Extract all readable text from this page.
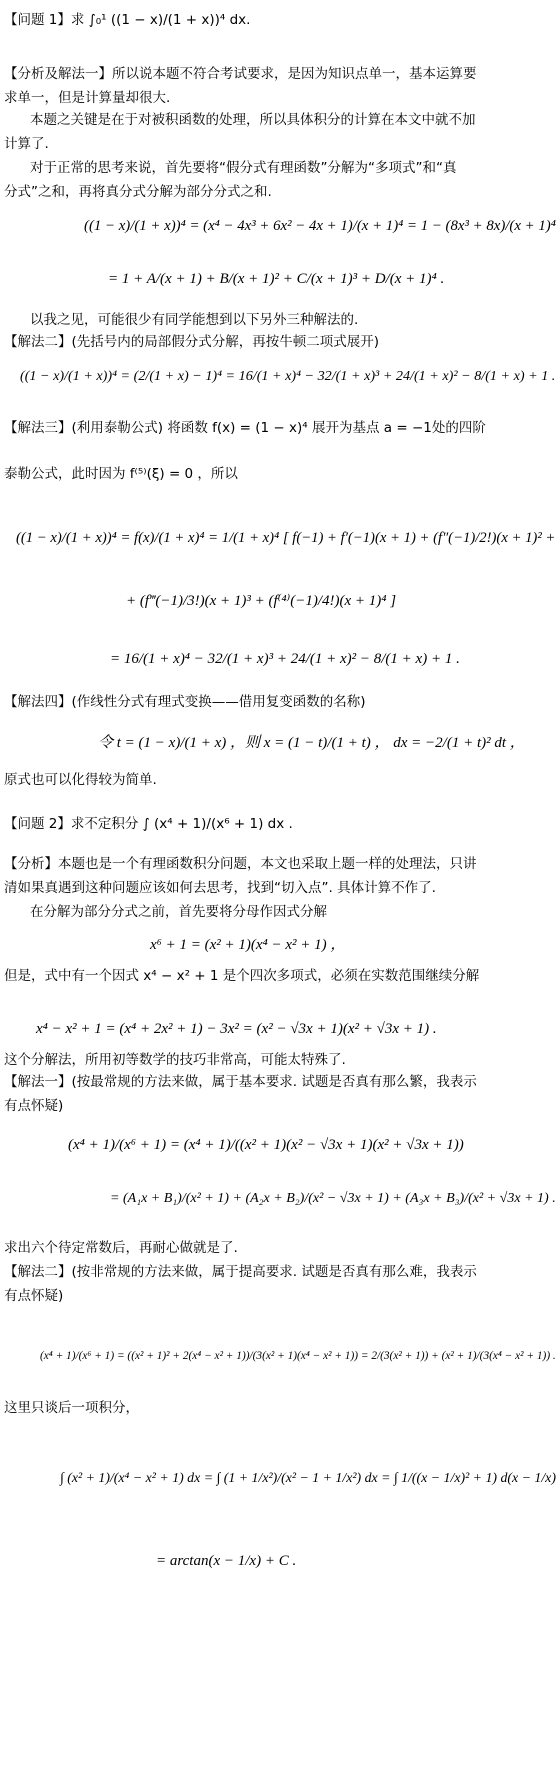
【问题 1】求 ∫₀¹ ((1 − x)/(1 + x))⁴ dx.
【分析及解法一】所以说本题不符合考试要求，是因为知识点单一，基本运算要
求单一，但是计算量却很大.
本题之关键是在于对被积函数的处理，所以具体积分的计算在本文中就不加
计算了.
对于正常的思考来说，首先要将“假分式有理函数”分解为“多项式”和“真
分式”之和，再将真分式分解为部分分式之和.
((1 − x)/(1 + x))⁴ = (x⁴ − 4x³ + 6x² − 4x + 1)/(x + 1)⁴ = 1 − (8x³ + 8x)/(x + 1)⁴
= 1 + A/(x + 1) + B/(x + 1)² + C/(x + 1)³ + D/(x + 1)⁴ .
以我之见，可能很少有同学能想到以下另外三种解法的.
【解法二】(先括号内的局部假分式分解，再按牛顿二项式展开)
((1 − x)/(1 + x))⁴ = (2/(1 + x) − 1)⁴ = 16/(1 + x)⁴ − 32/(1 + x)³ + 24/(1 + x)² − 8/(1 + x) + 1 .
【解法三】(利用泰勒公式) 将函数 f(x) = (1 − x)⁴ 展开为基点 a = −1处的四阶
泰勒公式，此时因为 f⁽⁵⁾(ξ) = 0 ，所以
((1 − x)/(1 + x))⁴ = f(x)/(1 + x)⁴ = 1/(1 + x)⁴ [ f(−1) + f′(−1)(x + 1) + (f″(−1)/2!)(x + 1)² +
+ (f‴(−1)/3!)(x + 1)³ + (f⁽⁴⁾(−1)/4!)(x + 1)⁴ ]
= 16/(1 + x)⁴ − 32/(1 + x)³ + 24/(1 + x)² − 8/(1 + x) + 1 .
【解法四】(作线性分式有理式变换——借用复变函数的名称)
令 t = (1 − x)/(1 + x) ，则 x = (1 − t)/(1 + t) ， dx = −2/(1 + t)² dt ，
原式也可以化得较为简单.
【问题 2】求不定积分 ∫ (x⁴ + 1)/(x⁶ + 1) dx .
【分析】本题也是一个有理函数积分问题，本文也采取上题一样的处理法，只讲
清如果真遇到这种问题应该如何去思考，找到“切入点”. 具体计算不作了.
在分解为部分分式之前，首先要将分母作因式分解
x⁶ + 1 = (x² + 1)(x⁴ − x² + 1) ，
但是，式中有一个因式 x⁴ − x² + 1 是个四次多项式，必须在实数范围继续分解
x⁴ − x² + 1 = (x⁴ + 2x² + 1) − 3x² = (x² − √3x + 1)(x² + √3x + 1) .
这个分解法，所用初等数学的技巧非常高，可能太特殊了.
【解法一】(按最常规的方法来做，属于基本要求. 试题是否真有那么繁，我表示
有点怀疑)
(x⁴ + 1)/(x⁶ + 1) = (x⁴ + 1)/((x² + 1)(x² − √3x + 1)(x² + √3x + 1))
= (A₁x + B₁)/(x² + 1) + (A₂x + B₂)/(x² − √3x + 1) + (A₃x + B₃)/(x² + √3x + 1) .
求出六个待定常数后，再耐心做就是了.
【解法二】(按非常规的方法来做，属于提高要求. 试题是否真有那么难，我表示
有点怀疑)
(x⁴ + 1)/(x⁶ + 1) = ((x² + 1)² + 2(x⁴ − x² + 1))/(3(x² + 1)(x⁴ − x² + 1)) = 2/(3(x² + 1)) + (x² + 1)/(3(x⁴ − x² + 1)) .
这里只谈后一项积分，
∫ (x² + 1)/(x⁴ − x² + 1) dx = ∫ (1 + 1/x²)/(x² − 1 + 1/x²) dx = ∫ 1/((x − 1/x)² + 1) d(x − 1/x)
= arctan(x − 1/x) + C .
